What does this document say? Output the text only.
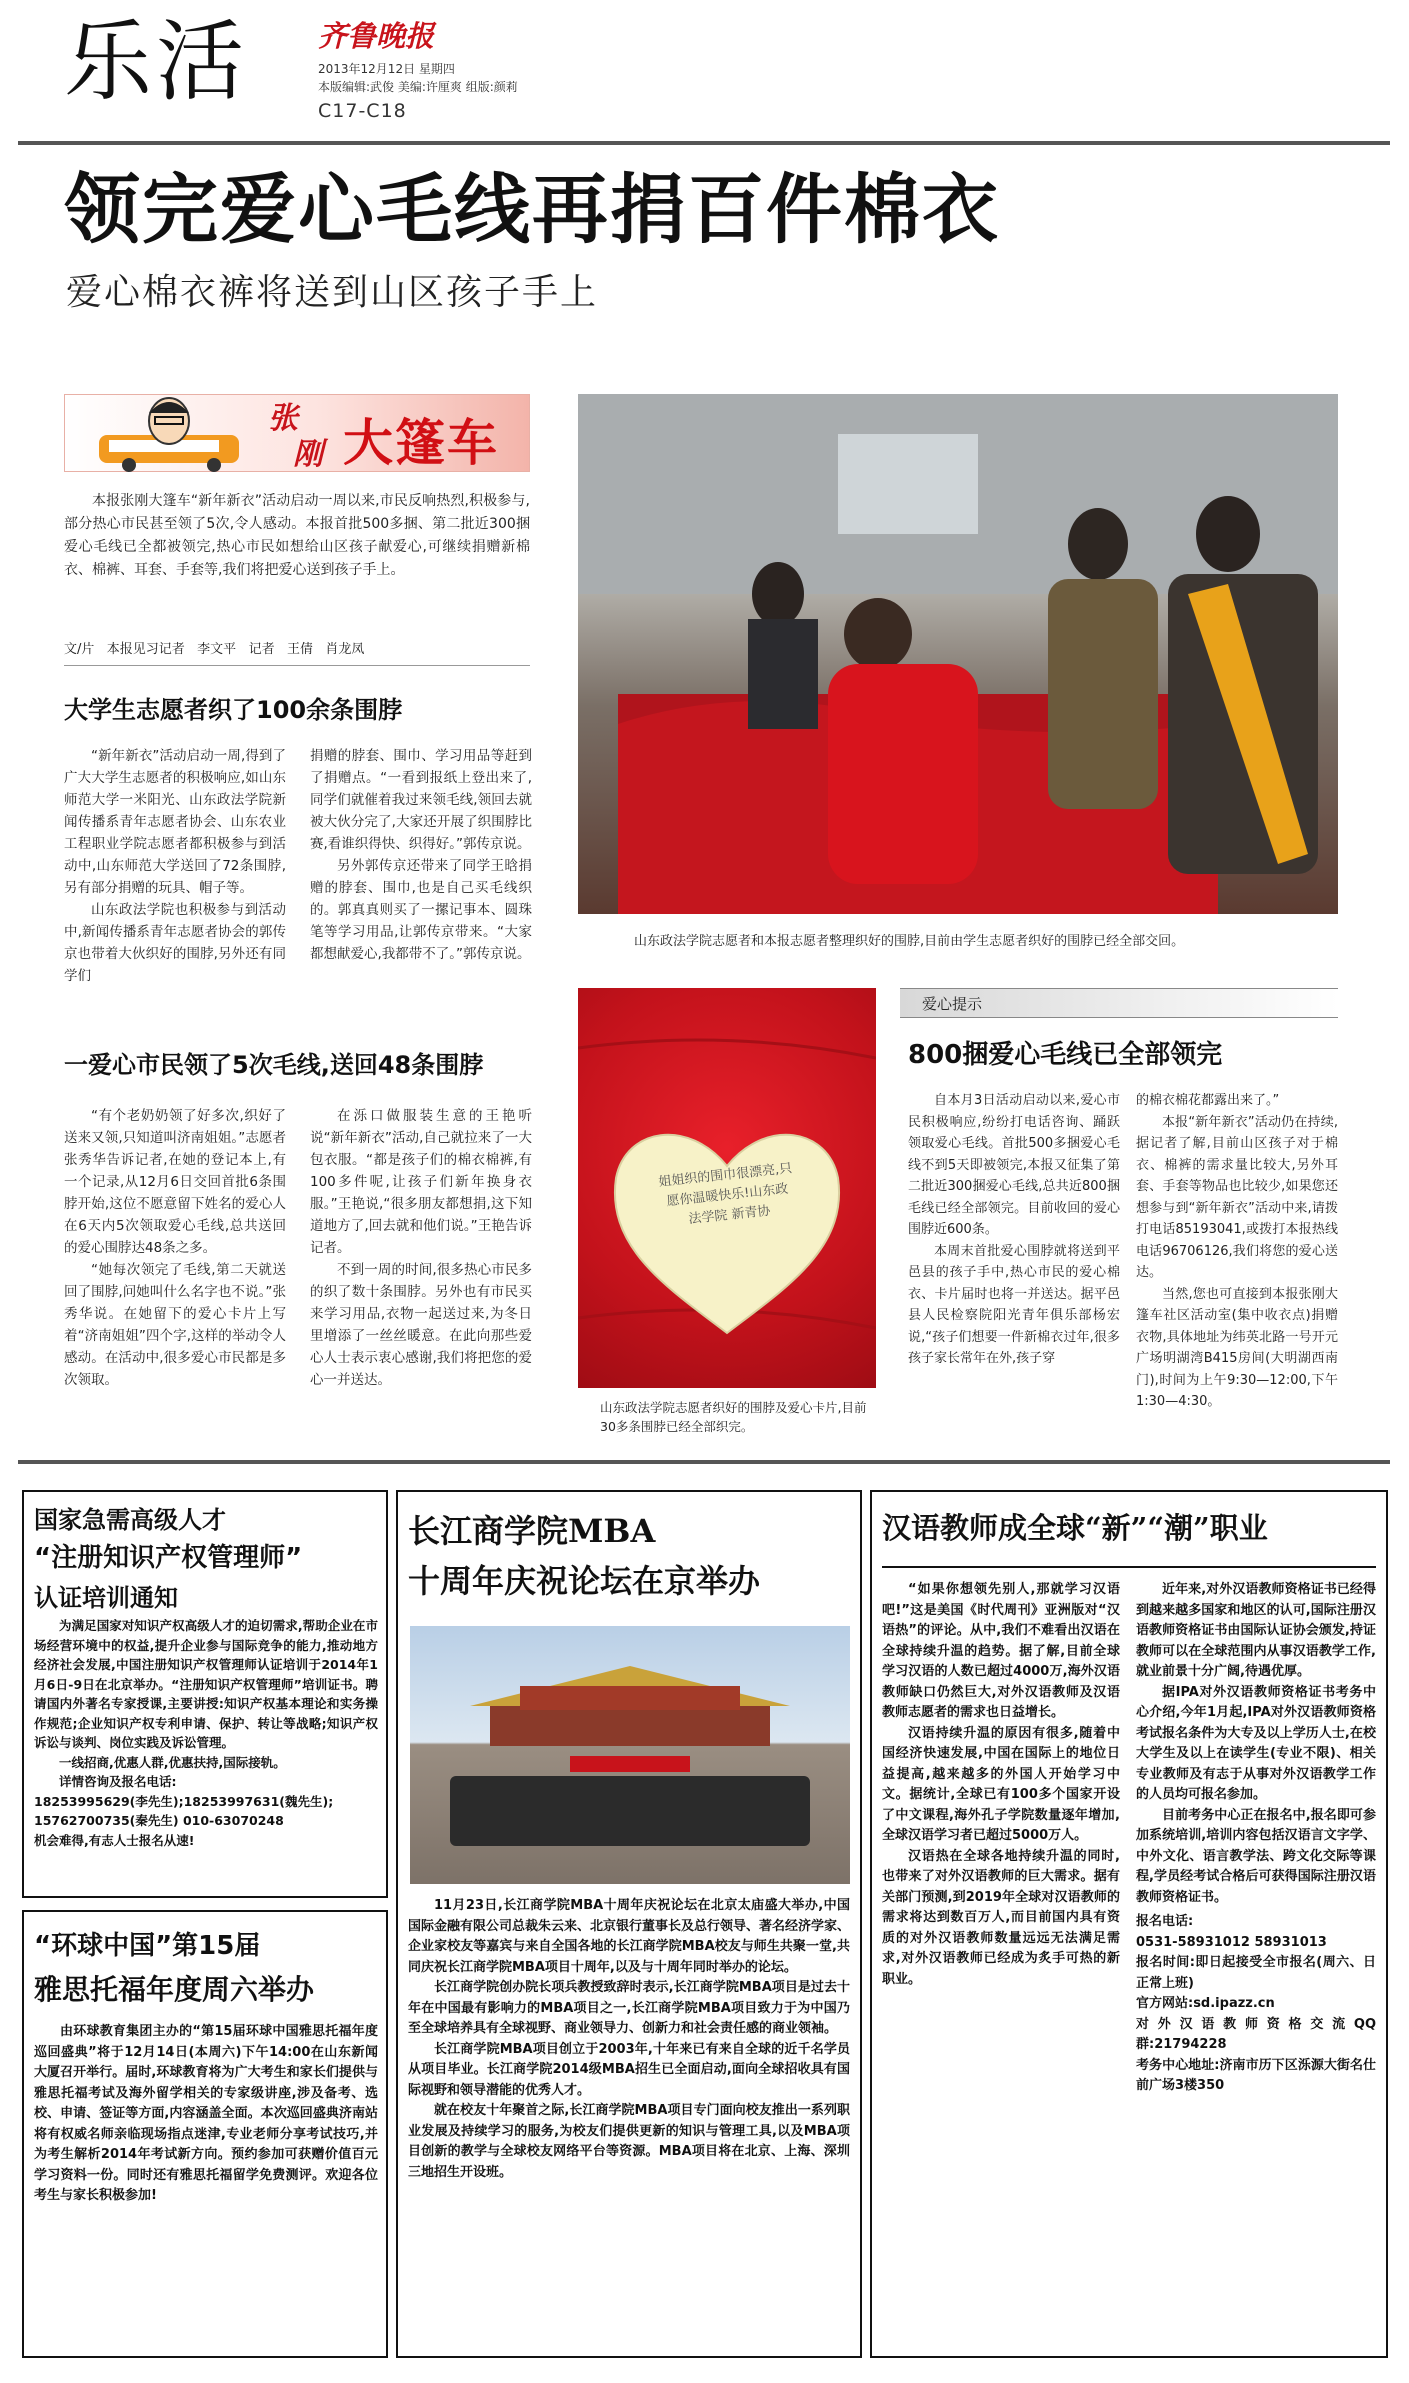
乐活 齐鲁晚报
2013年12月12日 星期四
本版编辑:武俊 美编:许厘爽 组版:颜莉
C17-C18
领完爱心毛线再捐百件棉衣
爱心棉衣裤将送到山区孩子手上
张
刚 大篷车
本报张刚大篷车“新年新衣”活动启动一周以来,市民反响热烈,积极参与,部分热心市民甚至领了5次,令人感动。本报首批500多捆、第二批近300捆爱心毛线已全都被领完,热心市民如想给山区孩子献爱心,可继续捐赠新棉衣、棉裤、耳套、手套等,我们将把爱心送到孩子手上。
文/片   本报见习记者   李文平   记者   王倩   肖龙凤
大学生志愿者织了100余条围脖
“新年新衣”活动启动一周,得到了广大大学生志愿者的积极响应,如山东师范大学一米阳光、山东政法学院新闻传播系青年志愿者协会、山东农业工程职业学院志愿者都积极参与到活动中,山东师范大学送回了72条围脖,另有部分捐赠的玩具、帽子等。
山东政法学院也积极参与到活动中,新闻传播系青年志愿者协会的郭传京也带着大伙织好的围脖,另外还有同学们
捐赠的脖套、围巾、学习用品等赶到了捐赠点。“一看到报纸上登出来了,同学们就催着我过来领毛线,领回去就被大伙分完了,大家还开展了织围脖比赛,看谁织得快、织得好。”郭传京说。
另外郭传京还带来了同学王晗捐赠的脖套、围巾,也是自己买毛线织的。郭真真则买了一摞记事本、圆珠笔等学习用品,让郭传京带来。“大家都想献爱心,我都带不了。”郭传京说。
一爱心市民领了5次毛线,送回48条围脖
“有个老奶奶领了好多次,织好了送来又领,只知道叫济南姐姐。”志愿者张秀华告诉记者,在她的登记本上,有一个记录,从12月6日交回首批6条围脖开始,这位不愿意留下姓名的爱心人在6天内5次领取爱心毛线,总共送回的爱心围脖达48条之多。
“她每次领完了毛线,第二天就送回了围脖,问她叫什么名字也不说。”张秀华说。在她留下的爱心卡片上写着“济南姐姐”四个字,这样的举动令人感动。在活动中,很多爱心市民都是多次领取。
在泺口做服装生意的王艳听说“新年新衣”活动,自己就拉来了一大包衣服。“都是孩子们的棉衣棉裤,有100多件呢,让孩子们新年换身衣服。”王艳说,“很多朋友都想捐,这下知道地方了,回去就和他们说。”王艳告诉记者。
不到一周的时间,很多热心市民多的织了数十条围脖。另外也有市民买来学习用品,衣物一起送过来,为冬日里增添了一丝丝暖意。在此向那些爱心人士表示衷心感谢,我们将把您的爱心一并送达。
山东政法学院志愿者和本报志愿者整理织好的围脖,目前由学生志愿者织好的围脖已经全部交回。
姐姐织的围巾很漂亮,只愿你温暖快乐!山东政法学院 新青协
山东政法学院志愿者织好的围脖及爱心卡片,目前30多条围脖已经全部织完。
爱心提示
800捆爱心毛线已全部领完
自本月3日活动启动以来,爱心市民积极响应,纷纷打电话咨询、踊跃领取爱心毛线。首批500多捆爱心毛线不到5天即被领完,本报又征集了第二批近300捆爱心毛线,总共近800捆毛线已经全部领完。目前收回的爱心围脖近600条。
本周末首批爱心围脖就将送到平邑县的孩子手中,热心市民的爱心棉衣、卡片届时也将一并送达。据平邑县人民检察院阳光青年俱乐部杨宏说,“孩子们想要一件新棉衣过年,很多孩子家长常年在外,孩子穿
的棉衣棉花都露出来了。”
本报“新年新衣”活动仍在持续,据记者了解,目前山区孩子对于棉衣、棉裤的需求量比较大,另外耳套、手套等物品也比较少,如果您还想参与到“新年新衣”活动中来,请拨打电话85193041,或拨打本报热线电话96706126,我们将您的爱心送达。
当然,您也可直接到本报张刚大篷车社区活动室(集中收衣点)捐赠衣物,具体地址为纬英北路一号开元广场明湖湾B415房间(大明湖西南门),时间为上午9:30—12:00,下午1:30—4:30。
国家急需高级人才
“注册知识产权管理师”
认证培训通知
为满足国家对知识产权高级人才的迫切需求,帮助企业在市场经营环境中的权益,提升企业参与国际竞争的能力,推动地方经济社会发展,中国注册知识产权管理师认证培训于2014年1月6日-9日在北京举办。“注册知识产权管理师”培训证书。聘请国内外著名专家授课,主要讲授:知识产权基本理论和实务操作规范;企业知识产权专利申请、保护、转让等战略;知识产权诉讼与谈判、岗位实践及诉讼管理。
一线招商,优惠人群,优惠扶持,国际接轨。
详情咨询及报名电话:
18253995629(李先生);18253997631(魏先生);
15762700735(秦先生) 010-63070248
机会难得,有志人士报名从速!
“环球中国”第15届
雅思托福年度周六举办
由环球教育集团主办的“第15届环球中国雅思托福年度巡回盛典”将于12月14日(本周六)下午14:00在山东新闻大厦召开举行。届时,环球教育将为广大考生和家长们提供与雅思托福考试及海外留学相关的专家级讲座,涉及备考、选校、申请、签证等方面,内容涵盖全面。本次巡回盛典济南站将有权威名师亲临现场指点迷津,专业老师分享考试技巧,并为考生解析2014年考试新方向。预约参加可获赠价值百元学习资料一份。同时还有雅思托福留学免费测评。欢迎各位考生与家长积极参加!
长江商学院MBA
十周年庆祝论坛在京举办
11月23日,长江商学院MBA十周年庆祝论坛在北京太庙盛大举办,中国国际金融有限公司总裁朱云来、北京银行董事长及总行领导、著名经济学家、企业家校友等嘉宾与来自全国各地的长江商学院MBA校友与师生共聚一堂,共同庆祝长江商学院MBA项目十周年,以及与十周年同时举办的论坛。
长江商学院创办院长项兵教授致辞时表示,长江商学院MBA项目是过去十年在中国最有影响力的MBA项目之一,长江商学院MBA项目致力于为中国乃至全球培养具有全球视野、商业领导力、创新力和社会责任感的商业领袖。
长江商学院MBA项目创立于2003年,十年来已有来自全球的近千名学员从项目毕业。长江商学院2014级MBA招生已全面启动,面向全球招收具有国际视野和领导潜能的优秀人才。
就在校友十年聚首之际,长江商学院MBA项目专门面向校友推出一系列职业发展及持续学习的服务,为校友们提供更新的知识与管理工具,以及MBA项目创新的教学与全球校友网络平台等资源。MBA项目将在北京、上海、深圳三地招生开设班。
汉语教师成全球“新”“潮”职业
“如果你想领先别人,那就学习汉语吧!”这是美国《时代周刊》亚洲版对“汉语热”的评论。从中,我们不难看出汉语在全球持续升温的趋势。据了解,目前全球学习汉语的人数已超过4000万,海外汉语教师缺口仍然巨大,对外汉语教师及汉语教师志愿者的需求也日益增长。
汉语持续升温的原因有很多,随着中国经济快速发展,中国在国际上的地位日益提高,越来越多的外国人开始学习中文。据统计,全球已有100多个国家开设了中文课程,海外孔子学院数量逐年增加,全球汉语学习者已超过5000万人。
汉语热在全球各地持续升温的同时,也带来了对外汉语教师的巨大需求。据有关部门预测,到2019年全球对汉语教师的需求将达到数百万人,而目前国内具有资质的对外汉语教师数量远远无法满足需求,对外汉语教师已经成为炙手可热的新职业。
近年来,对外汉语教师资格证书已经得到越来越多国家和地区的认可,国际注册汉语教师资格证书由国际认证协会颁发,持证教师可以在全球范围内从事汉语教学工作,就业前景十分广阔,待遇优厚。
据IPA对外汉语教师资格证书考务中心介绍,今年1月起,IPA对外汉语教师资格考试报名条件为大专及以上学历人士,在校大学生及以上在读学生(专业不限)、相关专业教师及有志于从事对外汉语教学工作的人员均可报名参加。
目前考务中心正在报名中,报名即可参加系统培训,培训内容包括汉语言文字学、中外文化、语言教学法、跨文化交际等课程,学员经考试合格后可获得国际注册汉语教师资格证书。
报名电话:
0531-58931012 58931013
报名时间:即日起接受全市报名(周六、日正常上班)
官方网站:sd.ipazz.cn
对外汉语教师资格交流QQ群:21794228
考务中心地址:济南市历下区泺源大街名仕前广场3楼350
